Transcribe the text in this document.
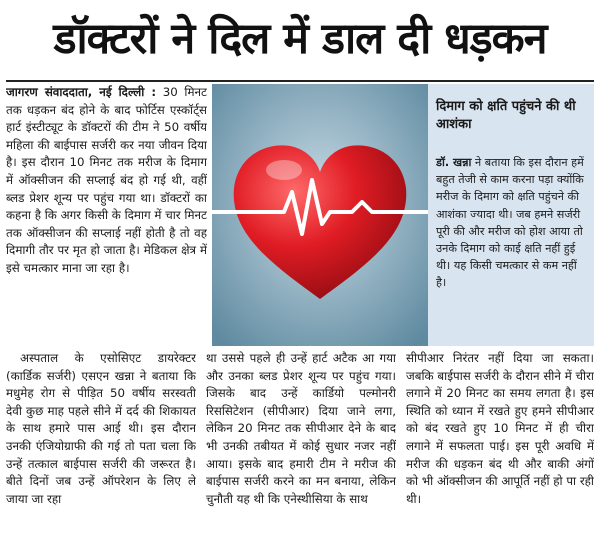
डॉक्टरों ने दिल में डाल दी धड़कन

जागरण संवाददाता, नई दिल्ली : 30 मिनट तक धड़कन बंद होने के बाद फोर्टिस एस्कॉर्ट्स हार्ट इंस्टीट्यूट के डॉक्टरों की टीम ने 50 वर्षीय महिला की बाईपास सर्जरी कर नया जीवन दिया है। इस दौरान 10 मिनट तक मरीज के दिमाग में ऑक्सीजन की सप्लाई बंद हो गई थी, वहीं ब्लड प्रेशर शून्य पर पहुंच गया था। डॉक्टरों का कहना है कि अगर किसी के दिमाग में चार मिनट तक ऑक्सीजन की सप्लाई नहीं होती है तो वह दिमागी तौर पर मृत हो जाता है। मेडिकल क्षेत्र में इसे चमत्कार माना जा रहा है।

दिमाग को क्षति पहुंचने की थी आशंका
डॉ. खन्ना ने बताया कि इस दौरान हमें बहुत तेजी से काम करना पड़ा क्योंकि मरीज के दिमाग को क्षति पहुंचने की आशंका ज्यादा थी। जब हमने सर्जरी पूरी की और मरीज को होश आया तो उनके दिमाग को काई क्षति नहीं हुई थी। यह किसी चमत्कार से कम नहीं है।

अस्पताल के एसोसिएट डायरेक्टर (कार्डिक सर्जरी) एसएन खन्ना ने बताया कि मधुमेह रोग से पीड़ित 50 वर्षीय सरस्वती देवी कुछ माह पहले सीने में दर्द की शिकायत के साथ हमारे पास आई थी। इस दौरान उनकी एंजियोग्राफी की गई तो पता चला कि उन्हें तत्काल बाईपास सर्जरी की जरूरत है। बीते दिनों जब उन्हें ऑपरेशन के लिए ले जाया जा रहा

था उससे पहले ही उन्हें हार्ट अटैक आ गया और उनका ब्लड प्रेशर शून्य पर पहुंच गया। जिसके बाद उन्हें कार्डियो पल्मोनरी रिससिटेशन (सीपीआर) दिया जाने लगा, लेकिन 20 मिनट तक सीपीआर देने के बाद भी उनकी तबीयत में कोई सुधार नजर नहीं आया। इसके बाद हमारी टीम ने मरीज की बाईपास सर्जरी करने का मन बनाया, लेकिन चुनौती यह थी कि एनेस्थीसिया के साथ

सीपीआर निरंतर नहीं दिया जा सकता। जबकि बाईपास सर्जरी के दौरान सीने में चीरा लगाने में 20 मिनट का समय लगता है। इस स्थिति को ध्यान में रखते हुए हमने सीपीआर को बंद रखते हुए 10 मिनट में ही चीरा लगाने में सफलता पाई। इस पूरी अवधि में मरीज की धड़कन बंद थी और बाकी अंगों को भी ऑक्सीजन की आपूर्ति नहीं हो पा रही थी।
